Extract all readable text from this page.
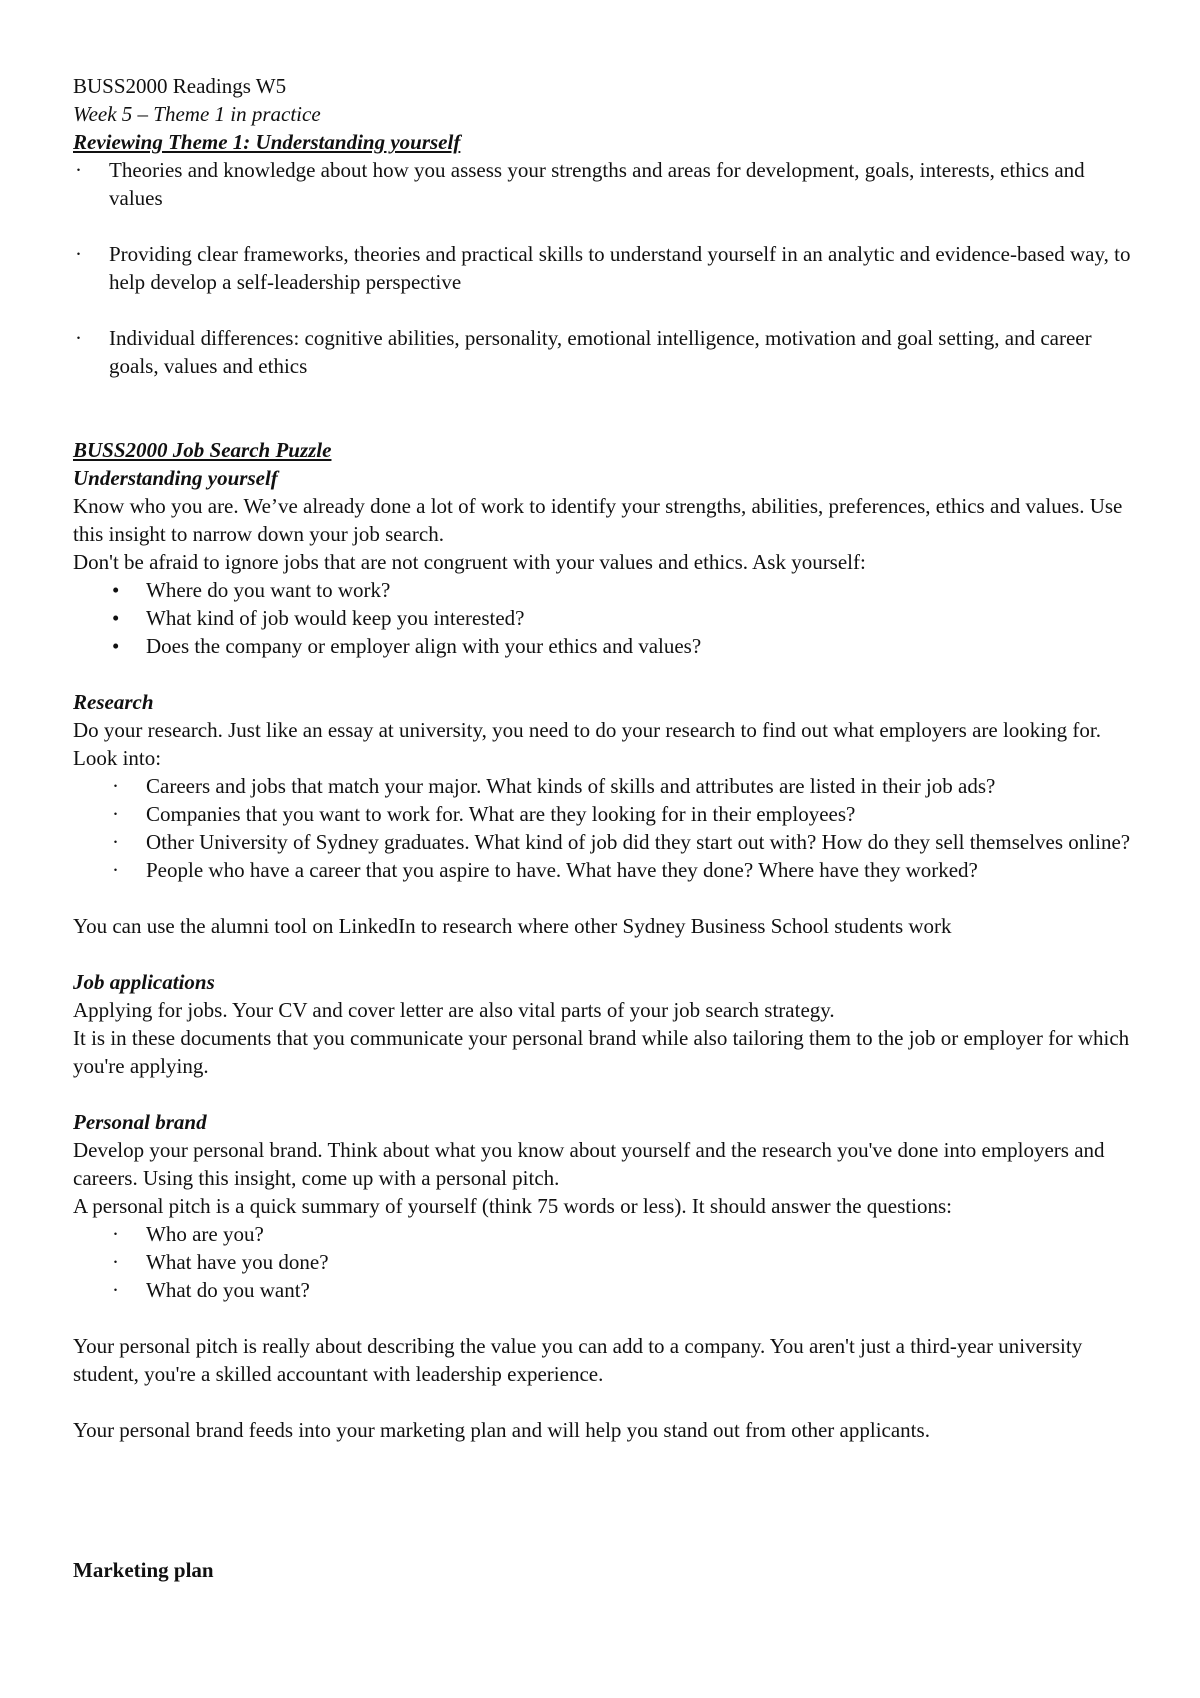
BUSS2000 Readings W5

Week 5 – Theme 1 in practice

Reviewing Theme 1: Understanding yourself

· Theories and knowledge about how you assess your strengths and areas for development, goals, interests, ethics and values
· Providing clear frameworks, theories and practical skills to understand yourself in an analytic and evidence-based way, to help develop a self-leadership perspective
· Individual differences: cognitive abilities, personality, emotional intelligence, motivation and goal setting, and career goals, values and ethics

BUSS2000 Job Search Puzzle

Understanding yourself

Know who you are. We’ve already done a lot of work to identify your strengths, abilities, preferences, ethics and values. Use this insight to narrow down your job search.

Don't be afraid to ignore jobs that are not congruent with your values and ethics. Ask yourself:

• Where do you want to work?
• What kind of job would keep you interested?
• Does the company or employer align with your ethics and values?

Research

Do your research. Just like an essay at university, you need to do your research to find out what employers are looking for. Look into:

· Careers and jobs that match your major. What kinds of skills and attributes are listed in their job ads?
· Companies that you want to work for. What are they looking for in their employees?
· Other University of Sydney graduates. What kind of job did they start out with? How do they sell themselves online?
· People who have a career that you aspire to have. What have they done? Where have they worked?

You can use the alumni tool on LinkedIn to research where other Sydney Business School students work

Job applications

Applying for jobs. Your CV and cover letter are also vital parts of your job search strategy.

It is in these documents that you communicate your personal brand while also tailoring them to the job or employer for which you're applying.

Personal brand

Develop your personal brand. Think about what you know about yourself and the research you've done into employers and careers. Using this insight, come up with a personal pitch.

A personal pitch is a quick summary of yourself (think 75 words or less). It should answer the questions:

· Who are you?
· What have you done?
· What do you want?

Your personal pitch is really about describing the value you can add to a company. You aren't just a third-year university student, you're a skilled accountant with leadership experience.

Your personal brand feeds into your marketing plan and will help you stand out from other applicants.

Marketing plan
